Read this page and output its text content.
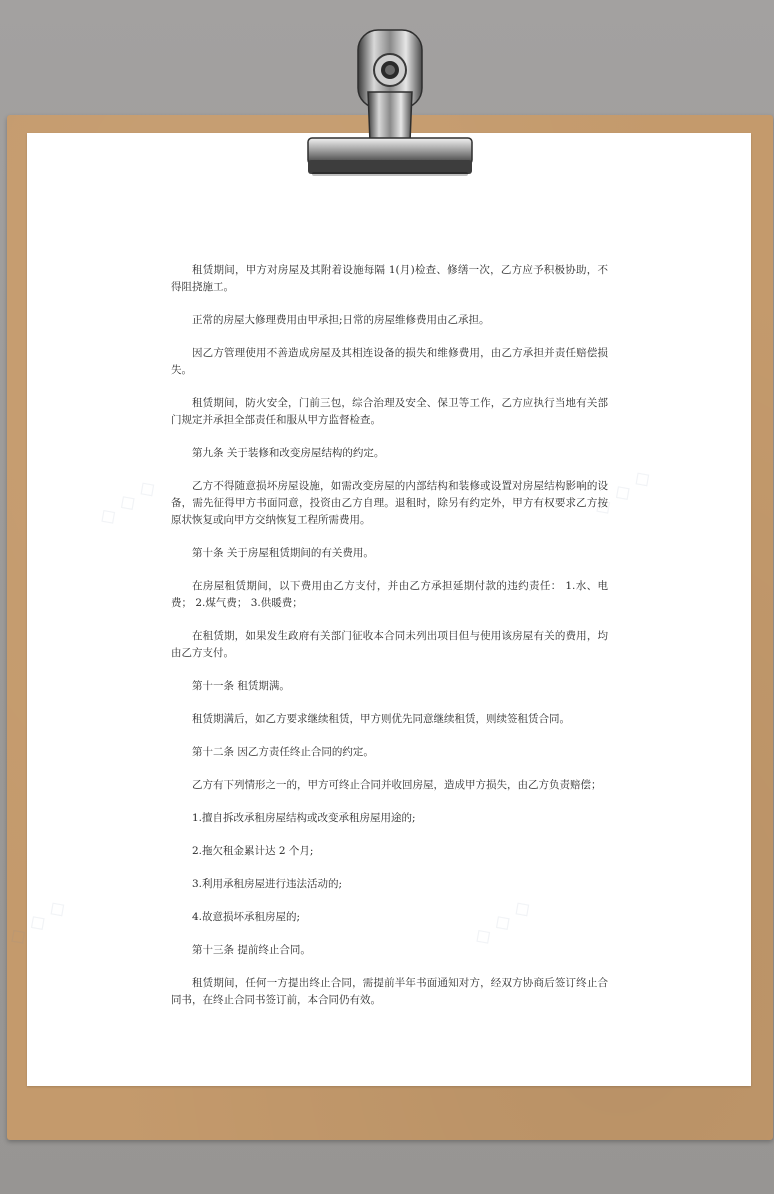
租赁期间，甲方对房屋及其附着设施每隔 1(月)检查、修缮一次，乙方应予积极协助，不得阻挠施工。

正常的房屋大修理费用由甲承担;日常的房屋维修费用由乙承担。

因乙方管理使用不善造成房屋及其相连设备的损失和维修费用，由乙方承担并责任赔偿损失。

租赁期间，防火安全，门前三包，综合治理及安全、保卫等工作，乙方应执行当地有关部门规定并承担全部责任和服从甲方监督检查。

第九条 关于装修和改变房屋结构的约定。

乙方不得随意损坏房屋设施，如需改变房屋的内部结构和装修或设置对房屋结构影响的设备，需先征得甲方书面同意，投资由乙方自理。退租时，除另有约定外，甲方有权要求乙方按原状恢复或向甲方交纳恢复工程所需费用。

第十条 关于房屋租赁期间的有关费用。

在房屋租赁期间，以下费用由乙方支付，并由乙方承担延期付款的违约责任： 1.水、电费； 2.煤气费； 3.供暖费；

在租赁期，如果发生政府有关部门征收本合同未列出项目但与使用该房屋有关的费用，均由乙方支付。

第十一条 租赁期满。

租赁期满后，如乙方要求继续租赁，甲方则优先同意继续租赁，则续签租赁合同。

第十二条 因乙方责任终止合同的约定。

乙方有下列情形之一的，甲方可终止合同并收回房屋，造成甲方损失，由乙方负责赔偿；

1.擅自拆改承租房屋结构或改变承租房屋用途的;

2.拖欠租金累计达 2 个月;

3.利用承租房屋进行违法活动的;

4.故意损坏承租房屋的;

第十三条 提前终止合同。

租赁期间，任何一方提出终止合同，需提前半年书面通知对方，经双方协商后签订终止合同书，在终止合同书签订前，本合同仍有效。
